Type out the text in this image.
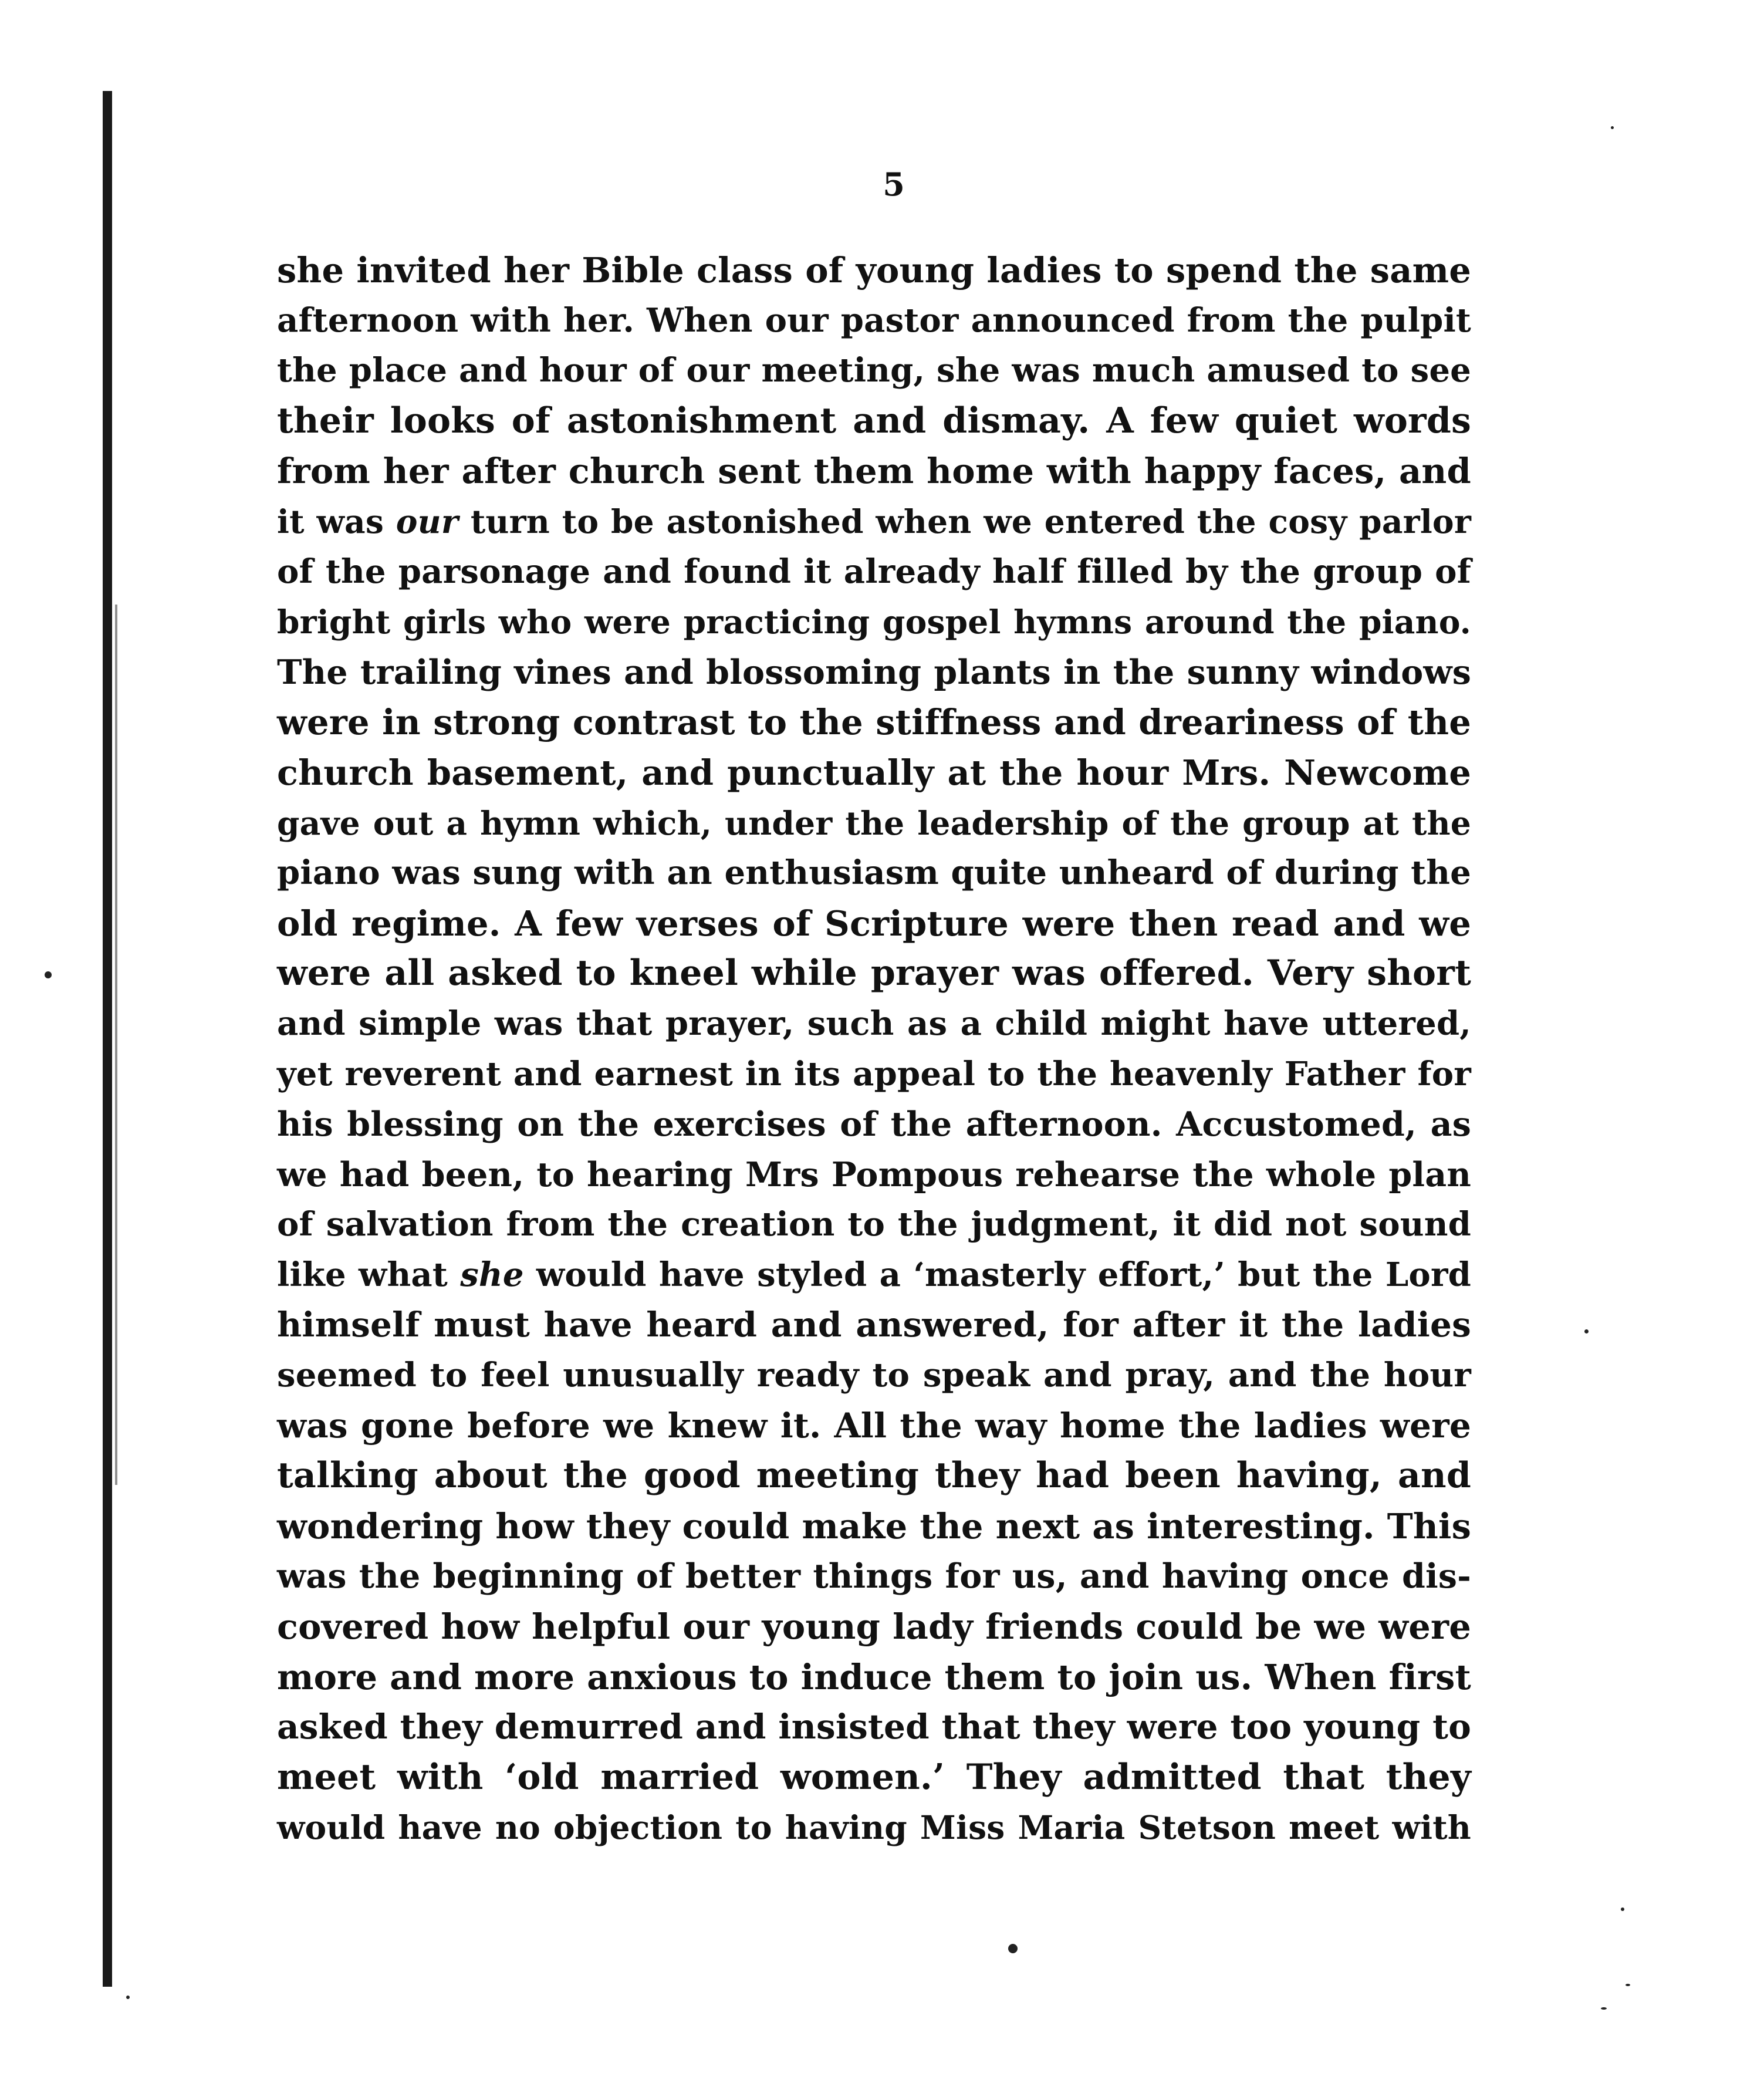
5
she invited her Bible class of young ladies to spend the same
afternoon with her. When our pastor announced from the pulpit
the place and hour of our meeting, she was much amused to see
their looks of astonishment and dismay. A few quiet words
from her after church sent them home with happy faces, and
it was our turn to be astonished when we entered the cosy parlor
of the parsonage and found it already half filled by the group of
bright girls who were practicing gospel hymns around the piano.
The trailing vines and blossoming plants in the sunny windows
were in strong contrast to the stiffness and dreariness of the
church basement, and punctually at the hour Mrs. Newcome
gave out a hymn which, under the leadership of the group at the
piano was sung with an enthusiasm quite unheard of during the
old regime. A few verses of Scripture were then read and we
were all asked to kneel while prayer was offered. Very short
and simple was that prayer, such as a child might have uttered,
yet reverent and earnest in its appeal to the heavenly Father for
his blessing on the exercises of the afternoon. Accustomed, as
we had been, to hearing Mrs Pompous rehearse the whole plan
of salvation from the creation to the judgment, it did not sound
like what she would have styled a ‘masterly effort,’ but the Lord
himself must have heard and answered, for after it the ladies
seemed to feel unusually ready to speak and pray, and the hour
was gone before we knew it. All the way home the ladies were
talking about the good meeting they had been having, and
wondering how they could make the next as interesting. This
was the beginning of better things for us, and having once dis-
covered how helpful our young lady friends could be we were
more and more anxious to induce them to join us. When first
asked they demurred and insisted that they were too young to
meet with ‘old married women.’ They admitted that they
would have no objection to having Miss Maria Stetson meet with
